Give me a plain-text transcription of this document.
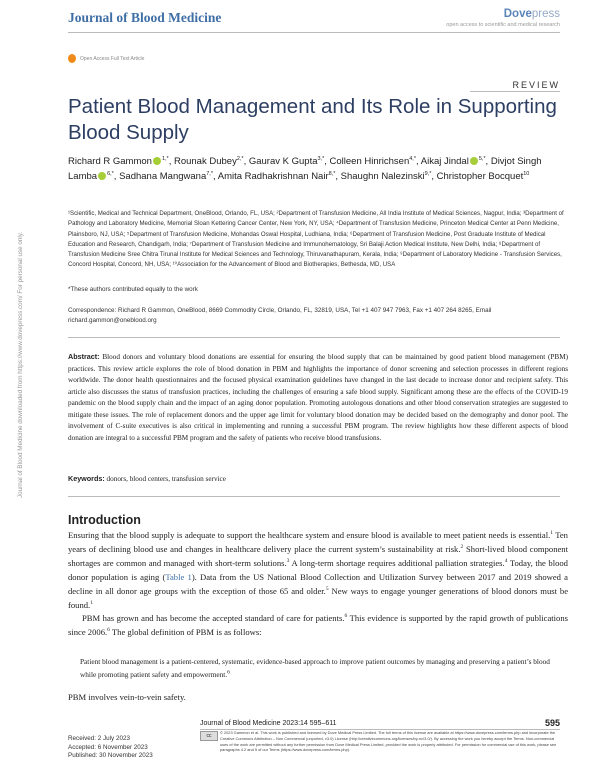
Journal of Blood Medicine	Dovepress
open access to scientific and medical research
Open Access Full Text Article
REVIEW
Patient Blood Management and Its Role in Supporting Blood Supply
Richard R Gammon $^{1,*}$, Rounak Dubey$^{2,*}$, Gaurav K Gupta$^{3,*}$, Colleen Hinrichsen$^{4,*}$, Aikaj Jindal $^{5,*}$, Divjot Singh Lamba $^{6,*}$, Sadhana Mangwana$^{7,*}$, Amita Radhakrishnan Nair$^{8,*}$, Shaughn Nalezinski$^{9,*}$, Christopher Bocquet$^{10}$
¹Scientific, Medical and Technical Department, OneBlood, Orlando, FL, USA; ²Department of Transfusion Medicine, All India Institute of Medical Sciences, Nagpur, India; ³Department of Pathology and Laboratory Medicine, Memorial Sloan Kettering Cancer Center, New York, NY, USA; ⁴Department of Transfusion Medicine, Princeton Medical Center at Penn Medicine, Plainsboro, NJ, USA; ⁵Department of Transfusion Medicine, Mohandas Oswal Hospital, Ludhiana, India; ⁶Department of Transfusion Medicine, Post Graduate Institute of Medical Education and Research, Chandigarh, India; ⁷Department of Transfusion Medicine and Immunohematology, Sri Balaji Action Medical Institute, New Delhi, India; ⁸Department of Transfusion Medicine Sree Chitra Tirunal Institute for Medical Sciences and Technology, Thiruvanathapuram, Kerala, India; ⁹Department of Laboratory Medicine - Transfusion Services, Concord Hospital, Concord, NH, USA; ¹⁰Association for the Advancement of Blood and Biotherapies, Bethesda, MD, USA
*These authors contributed equally to the work
Correspondence: Richard R Gammon, OneBlood, 8669 Commodity Circle, Orlando, FL, 32819, USA, Tel +1 407 947 7963, Fax +1 407 264 8265, Email richard.gammon@oneblood.org
Abstract: Blood donors and voluntary blood donations are essential for ensuring the blood supply that can be maintained by good patient blood management (PBM) practices. This review article explores the role of blood donation in PBM and highlights the importance of donor screening and selection processes in different regions worldwide. The donor health questionnaires and the focused physical examination guidelines have changed in the last decade to increase donor and recipient safety. This article also discusses the status of transfusion practices, including the challenges of ensuring a safe blood supply. Significant among these are the effects of the COVID-19 pandemic on the blood supply chain and the impact of an aging donor population. Promoting autologous donations and other blood conservation strategies are suggested to mitigate these issues. The role of replacement donors and the upper age limit for voluntary blood donation may be decided based on the demography and donor pool. The involvement of C-suite executives is also critical in implementing and running a successful PBM program. The review highlights how these different aspects of blood donation are integral to a successful PBM program and the safety of patients who receive blood transfusions.
Keywords: donors, blood centers, transfusion service
Introduction

Ensuring that the blood supply is adequate to support the healthcare system and ensure blood is available to meet patient needs is essential.$^1$ Ten years of declining blood use and changes in healthcare delivery place the current system’s sustainability at risk.$^2$ Short-lived blood component shortages are common and managed with short-term solutions.$^3$ A long-term shortage requires additional palliation strategies.$^4$ Today, the blood donor population is aging (Table 1). Data from the US National Blood Collection and Utilization Survey between 2017 and 2019 showed a decline in all donor age groups with the exception of those 65 and older.$^5$ New ways to engage younger generations of blood donors must be found.$^1$

PBM has grown and has become the accepted standard of care for patients.$^6$ This evidence is supported by the rapid growth of publications since 2006.$^6$ The global definition of PBM is as follows:

Patient blood management is a patient-centered, systematic, evidence-based approach to improve patient outcomes by managing and preserving a patient’s blood while promoting patient safety and empowerment.$^6$
PBM involves vein-to-vein safety.
Journal of Blood Medicine downloaded from https://www.dovepress.com/ For personal use only.
Journal of Blood Medicine 2023:14 595–611	595
Received: 2 July 2023
Accepted: 6 November 2023
Published: 30 November 2023
cc
© 2023 Gammon et al. This work is published and licensed by Dove Medical Press Limited. The full terms of this license are available at https://www.dovepress.com/terms.php and incorporate the Creative Commons Attribution – Non Commercial (unported, v3.0) License (http://creativecommons.org/licenses/by-nc/3.0/). By accessing the work you hereby accept the Terms. Non-commercial uses of the work are permitted without any further permission from Dove Medical Press Limited, provided the work is properly attributed. For permission for commercial use of this work, please see paragraphs 4.2 and 5 of our Terms (https://www.dovepress.com/terms.php).
